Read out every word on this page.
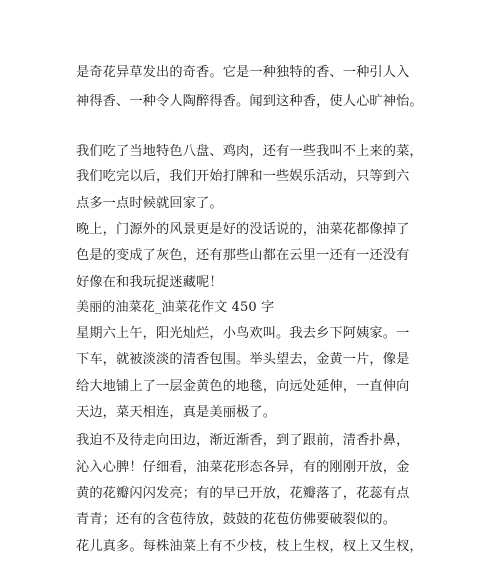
是奇花异草发出的奇香。它是一种独特的香、一种引人入
神得香、一种令人陶醉得香。闻到这种香，使人心旷神怡。
我们吃了当地特色八盘、鸡肉，还有一些我叫不上来的菜，
我们吃完以后，我们开始打牌和一些娱乐活动，只等到六
点多一点时候就回家了。
晚上，门源外的风景更是好的没话说的，油菜花都像掉了
色是的变成了灰色，还有那些山都在云里一还有一还没有
好像在和我玩捉迷藏呢！
美丽的油菜花_油菜花作文 450 字
星期六上午，阳光灿烂，小鸟欢叫。我去乡下阿姨家。一
下车，就被淡淡的清香包围。举头望去，金黄一片，像是
给大地铺上了一层金黄色的地毯，向远处延伸，一直伸向
天边，菜天相连，真是美丽极了。
我迫不及待走向田边，渐近渐香，到了跟前，清香扑鼻，
沁入心脾！仔细看，油菜花形态各异，有的刚刚开放，金
黄的花瓣闪闪发亮；有的早已开放，花瓣落了，花蕊有点
青青；还有的含苞待放，鼓鼓的花苞仿佛要破裂似的。
花儿真多。每株油菜上有不少枝，枝上生杈，杈上又生杈，
